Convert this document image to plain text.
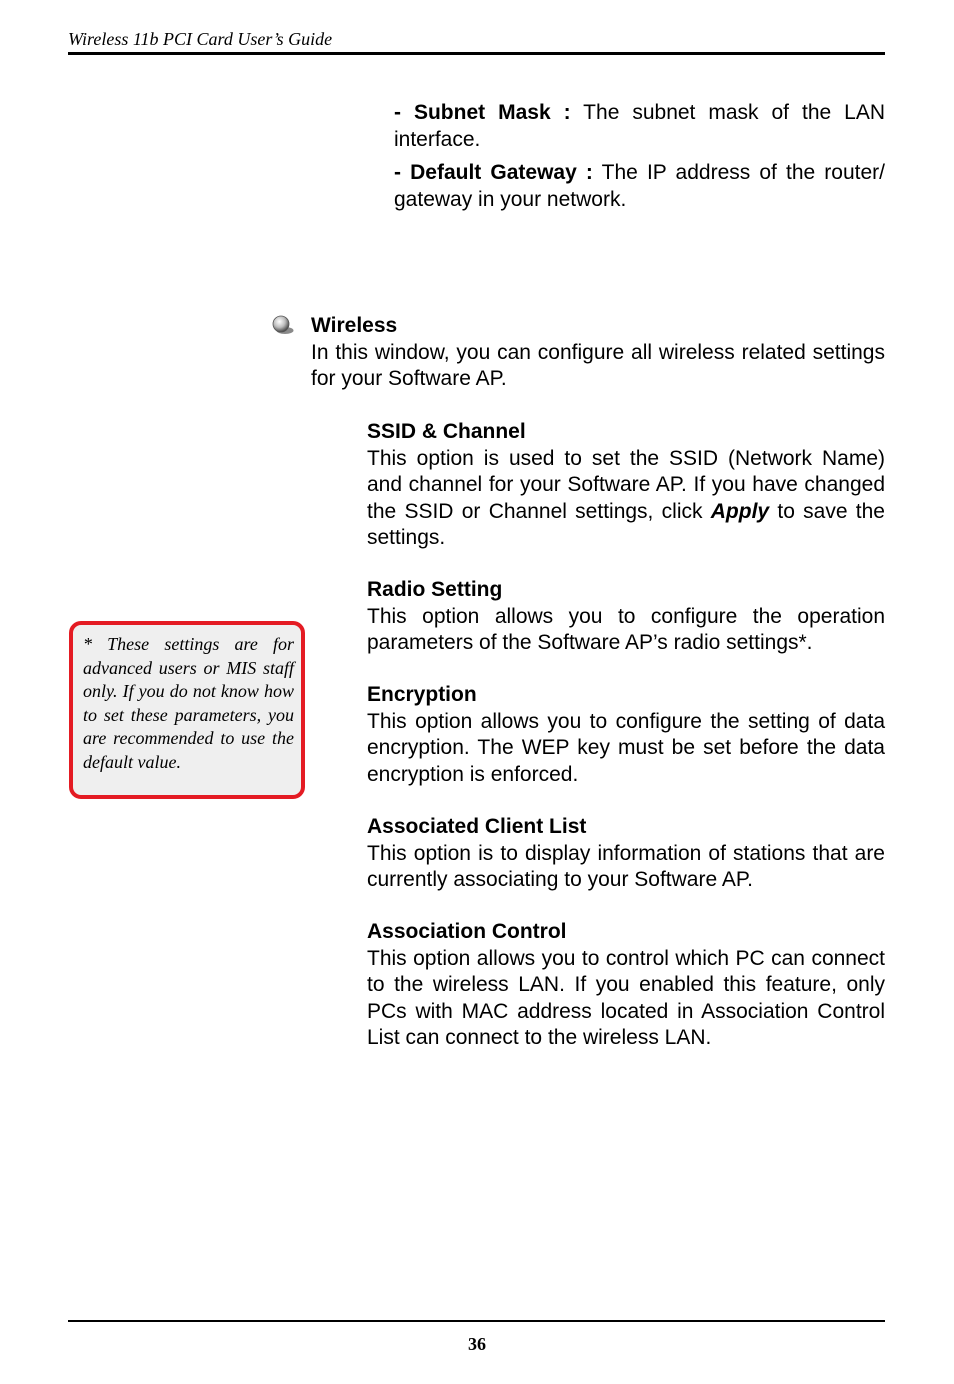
Wireless 11b PCI Card User’s Guide

- Subnet Mask : The subnet mask of the LAN interface.

- Default Gateway : The IP address of the router/ gateway in your network.

Wireless

In this window, you can configure all wireless related settings for your Software AP.

SSID & Channel

This option is used to set the SSID (Network Name) and channel for your Software AP. If you have changed the SSID or Channel settings, click Apply to save the settings.

Radio Setting

This option allows you to configure the operation parameters of the Software AP’s radio settings*.

Encryption

This option allows you to configure the setting of data encryption. The WEP key must be set before the data encryption is enforced.

Associated Client List

This option is to display information of stations that are currently associating to your Software AP.

Association Control

This option allows you to control which PC can connect to the wireless LAN. If you enabled this feature, only PCs with MAC address located in Association Control List can connect to the wireless LAN.

* These settings are for advanced users or MIS staff only. If you do not know how to set these parameters, you are recommended to use the default value.

36
